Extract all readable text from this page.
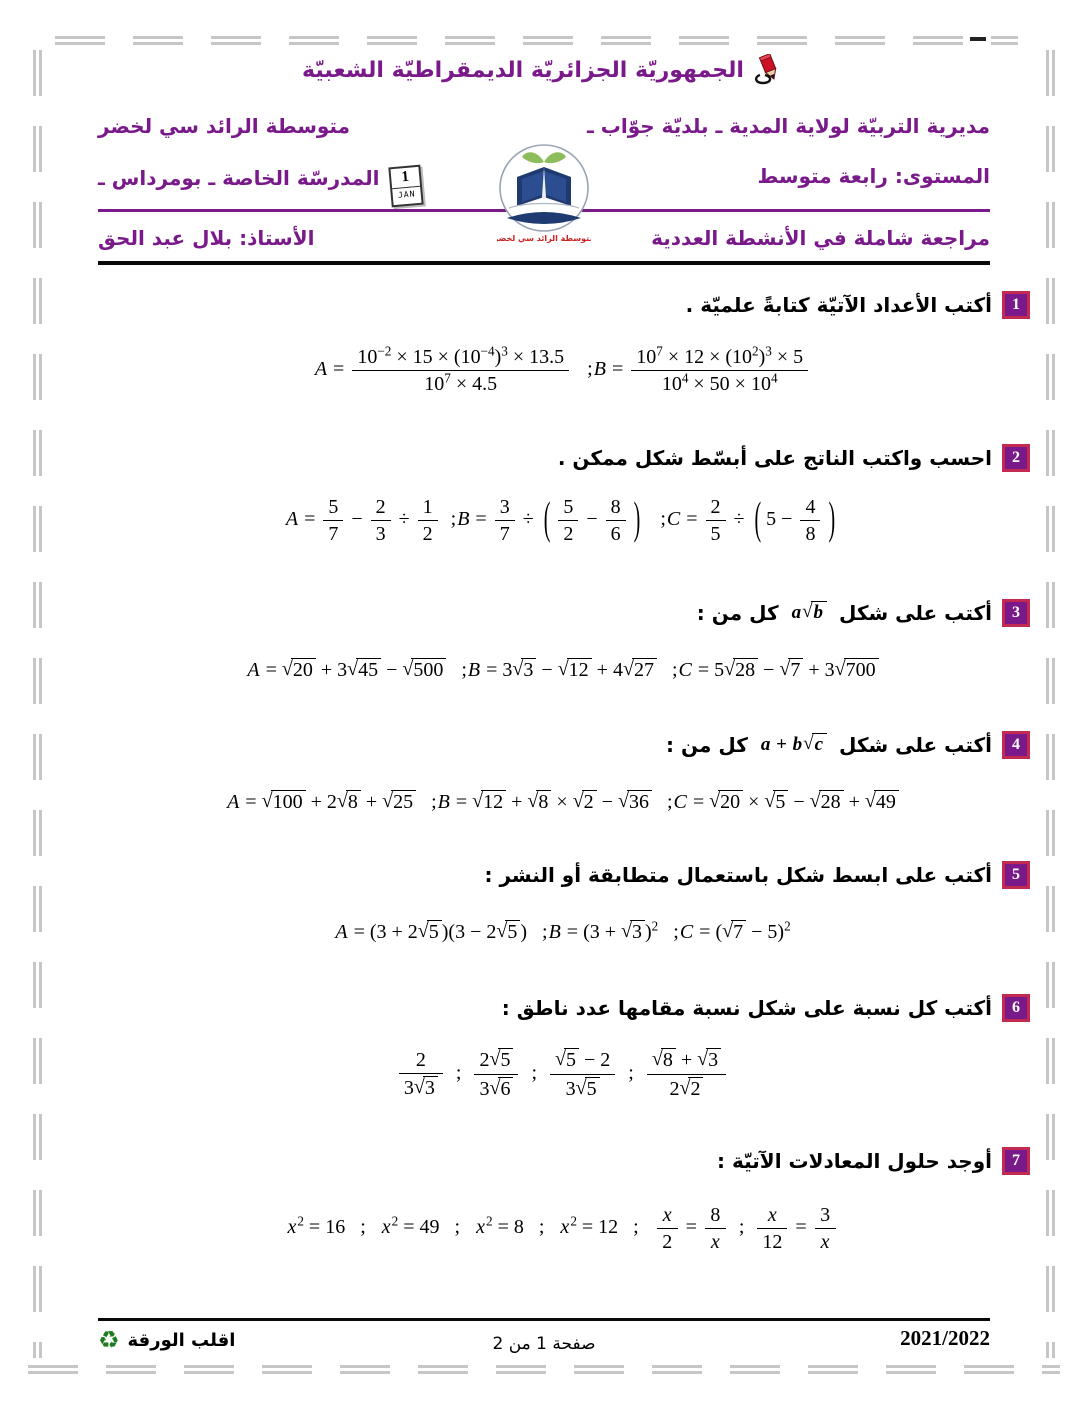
الجمهوريّة الجزائريّة الديمقراطيّة الشعبيّة
مديرية التربيّة لولاية المدية ـ بلديّة جوّاب ـ
المستوى: رابعة متوسط
متوسطة الرائد سي لخضر
المدرسّة الخاصة ـ بومرداس ـ	1
JAN
متوسطة الرائد سي لخضر	مراجعة شاملة في الأنشطة العددية
الأستاذ: بلال عبد الحق
1
أكتب الأعداد الآتيّة كتابةً علميّة .
$A = \frac{10^{-2} \times 15 \times (10^{-4})^3 \times 13.5}{10^7 \times 4.5}$ ;B = $\frac{10^7 \times 12 \times (10^2)^3 \times 5}{10^4 \times 50 \times 10^4}$
2
احسب واكتب الناتج على أبسّط شكل ممكن .
$A = \frac{5}{7} - \frac{2}{3} \div \frac{1}{2}$ ;B = $\frac{3}{7}$ ÷ ( $\frac{5}{2} - \frac{8}{6}$ )   ;C = $\frac{2}{5}$ ÷ ( $5 - \frac{4}{8}$ )
3
أكتب على شكل
a√b
كل من :
A = √20 + 3√45 − √500   ;B = 3√3 − √12 + 4√27   ;C = 5√28 − √7 + 3√700
4
أكتب على شكل
a + b√c
كل من :
A = √100 + 2√8 + √25   ;B = √12 + √8 × √2 − √36   ;C = √20 × √5 − √28 + √49
5
أكتب على ابسط شكل باستعمال متطابقة أو النشر :
A = (3 + 2√5 )(3 − 2√5 )   ;B = (3 + √3 )$^2$   ;C = $(√7 - 5)^2$
6
أكتب كل نسبة على شكل نسبة مقامها عدد ناطق :
$\frac{2}{3√3}$ ; $\frac{2√5}{3√6}$ ; $\frac{√5 - 2}{3√5}$ ; $\frac{√8 + √3}{2√2}$
7
أوجد حلول المعادلات الآتيّة :
$x^2 = 16$   ;   $x^2 = 49$   ;   $x^2 = 8$   ;   $x^2 = 12$   ; $\frac{x}{2} = \frac{8}{x}$ ; $\frac{x}{12} = \frac{3}{x}$
2021/2022
صفحة 1 من 2
♻ اقلب الورقة
